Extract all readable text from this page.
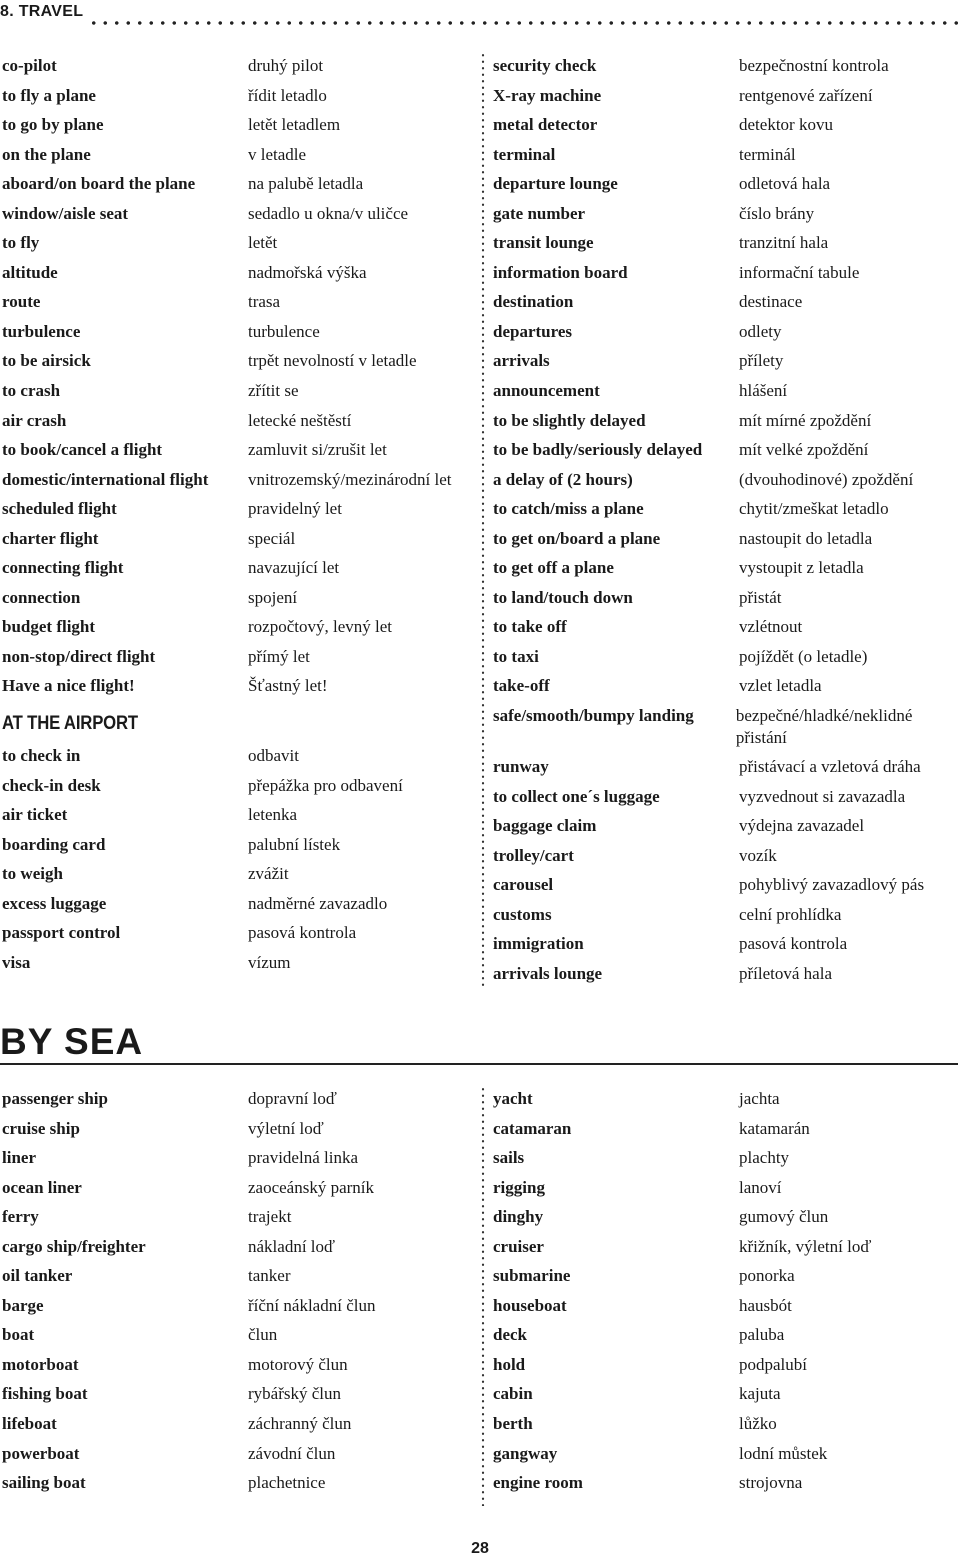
8. TRAVEL
co-pilot	druhý pilot
to fly a plane	řídit letadlo
to go by plane	letět letadlem
on the plane	v letadle
aboard/on board the plane	na palubě letadla
window/aisle seat	sedadlo u okna/v uličce
to fly	letět
altitude	nadmořská výška
route	trasa
turbulence	turbulence
to be airsick	trpět nevolností v letadle
to crash	zřítit se
air crash	letecké neštěstí
to book/cancel a flight	zamluvit si/zrušit let
domestic/international flight	vnitrozemský/mezinárodní let
scheduled flight	pravidelný let
charter flight	speciál
connecting flight	navazující let
connection	spojení
budget flight	rozpočtový, levný let
non-stop/direct flight	přímý let
Have a nice flight!	Šťastný let!
AT THE AIRPORT
to check in	odbavit
check-in desk	přepážka pro odbavení
air ticket	letenka
boarding card	palubní lístek
to weigh	zvážit
excess luggage	nadměrné zavazadlo
passport control	pasová kontrola
visa	vízum
security check	bezpečnostní kontrola
X-ray machine	rentgenové zařízení
metal detector	detektor kovu
terminal	terminál
departure lounge	odletová hala
gate number	číslo brány
transit lounge	tranzitní hala
information board	informační tabule
destination	destinace
departures	odlety
arrivals	přílety
announcement	hlášení
to be slightly delayed	mít mírné zpoždění
to be badly/seriously delayed	mít velké zpoždění
a delay of (2 hours)	(dvouhodinové) zpoždění
to catch/miss a plane	chytit/zmeškat letadlo
to get on/board a plane	nastoupit do letadla
to get off a plane	vystoupit z letadla
to land/touch down	přistát
to take off	vzlétnout
to taxi	pojíždět (o letadle)
take-off	vzlet letadla
safe/smooth/bumpy landing	bezpečné/hladké/neklidné přistání
runway	přistávací a vzletová dráha
to collect one´s luggage	vyzvednout si zavazadla
baggage claim	výdejna zavazadel
trolley/cart	vozík
carousel	pohyblivý zavazadlový pás
customs	celní prohlídka
immigration	pasová kontrola
arrivals lounge	příletová hala
BY SEA
passenger ship	dopravní loď
cruise ship	výletní loď
liner	pravidelná linka
ocean liner	zaoceánský parník
ferry	trajekt
cargo ship/freighter	nákladní loď
oil tanker	tanker
barge	říční nákladní člun
boat	člun
motorboat	motorový člun
fishing boat	rybářský člun
lifeboat	záchranný člun
powerboat	závodní člun
sailing boat	plachetnice
yacht	jachta
catamaran	katamarán
sails	plachty
rigging	lanoví
dinghy	gumový člun
cruiser	křižník, výletní loď
submarine	ponorka
houseboat	hausbót
deck	paluba
hold	podpalubí
cabin	kajuta
berth	lůžko
gangway	lodní můstek
engine room	strojovna
28
